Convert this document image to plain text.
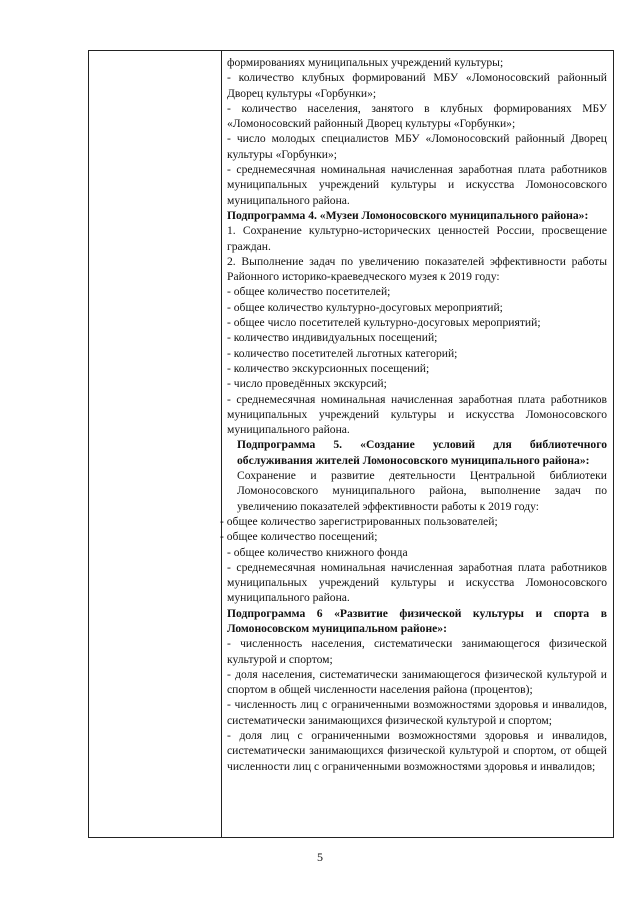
формированиях муниципальных учреждений культуры;

- количество клубных формирований МБУ «Ломоносовский районный Дворец культуры «Горбунки»;

- количество населения, занятого в клубных формированиях МБУ «Ломоносовский районный Дворец культуры «Горбунки»;

- число молодых специалистов МБУ «Ломоносовский районный Дворец культуры «Горбунки»;

- среднемесячная номинальная начисленная заработная плата работников муниципальных учреждений культуры и искусства Ломоносовского муниципального района.

Подпрограмма 4. «Музеи Ломоносовского муниципального района»:

1. Сохранение культурно-исторических ценностей России, просвещение граждан.

2. Выполнение задач по увеличению показателей эффективности работы Районного историко-краеведческого музея к 2019 году:

- общее количество посетителей;

- общее количество культурно-досуговых мероприятий;

- общее число посетителей культурно-досуговых мероприятий;

- количество индивидуальных посещений;

- количество посетителей льготных категорий;

- количество экскурсионных посещений;

- число проведённых экскурсий;

- среднемесячная номинальная начисленная заработная плата работников муниципальных учреждений культуры и искусства Ломоносовского муниципального района.

Подпрограмма 5. «Создание условий для библиотечного обслуживания жителей Ломоносовского муниципального района»:

Сохранение и развитие деятельности Центральной библиотеки Ломоносовского муниципального района, выполнение задач по увеличению показателей эффективности работы к 2019 году:

- общее количество зарегистрированных пользователей;

- общее количество посещений;

- общее количество книжного фонда

- среднемесячная номинальная начисленная заработная плата работников муниципальных учреждений культуры и искусства Ломоносовского муниципального района.

Подпрограмма 6 «Развитие физической культуры и спорта в Ломоносовском муниципальном районе»:

- численность населения, систематически занимающегося физической культурой и спортом;

- доля населения, систематически занимающегося физической культурой и спортом в общей численности населения района (процентов);

- численность лиц с ограниченными возможностями здоровья и инвалидов, систематически занимающихся физической культурой и спортом;

- доля лиц с ограниченными возможностями здоровья и инвалидов, систематически занимающихся физической культурой и спортом, от общей численности лиц с ограниченными возможностями здоровья и инвалидов;

5
